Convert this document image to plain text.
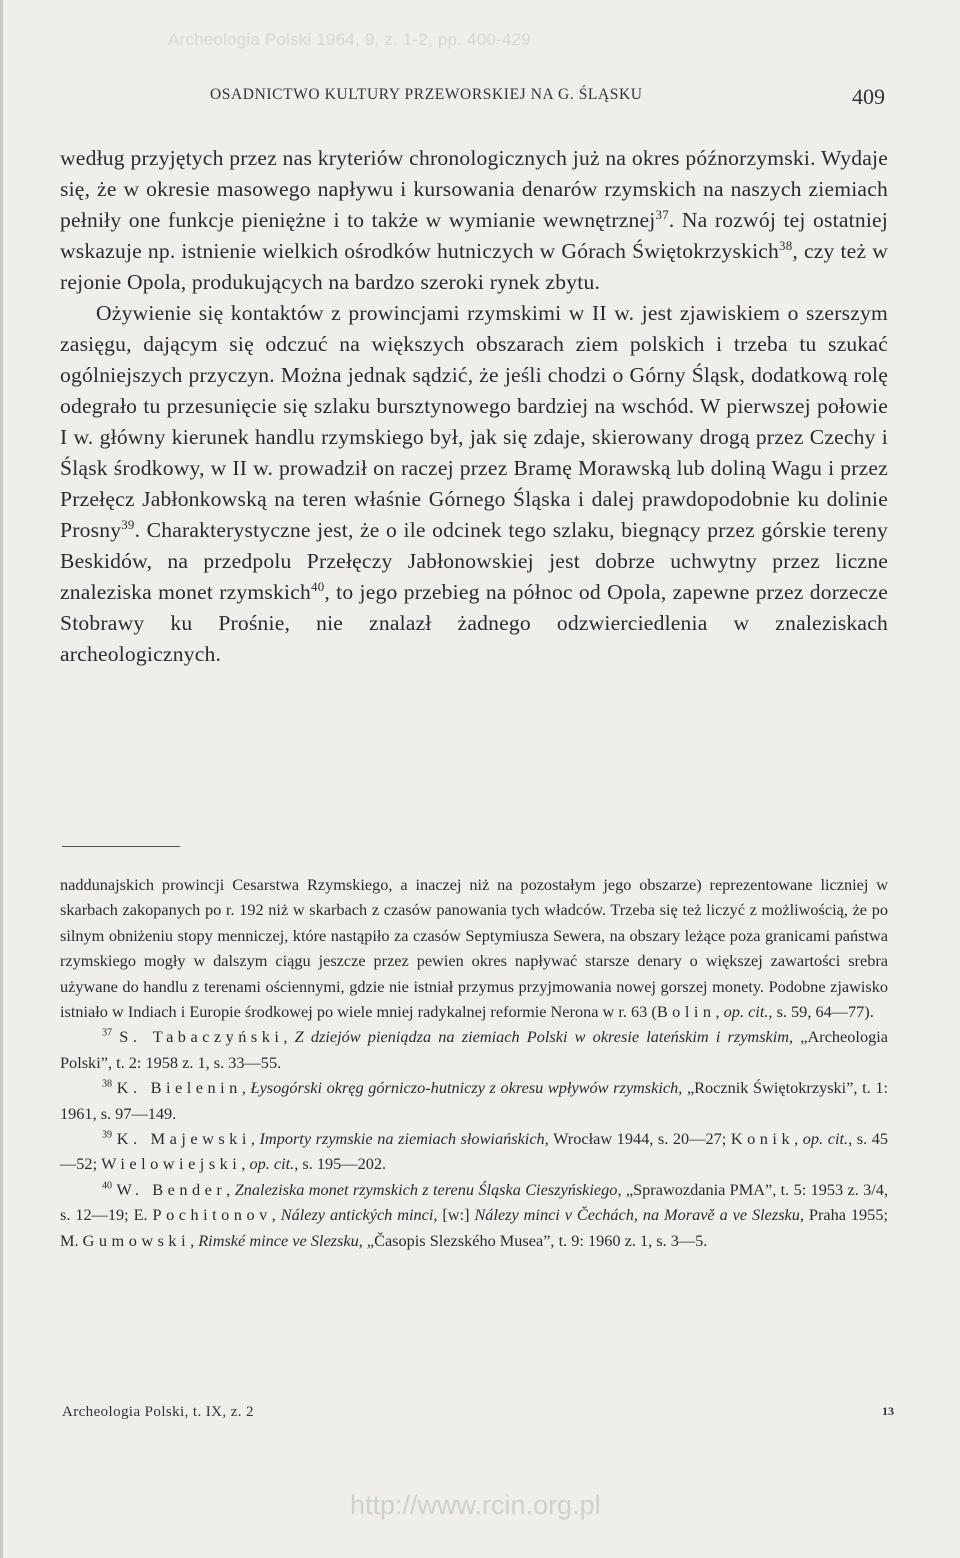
Archeologia Polski 1964, 9, z. 1-2, pp. 400-429
OSADNICTWO KULTURY PRZEWORSKIEJ NA G. ŚLĄSKU	409

według przyjętych przez nas kryteriów chronologicznych już na okres późnorzymski. Wydaje się, że w okresie masowego napływu i kursowania denarów rzymskich na naszych ziemiach pełniły one funkcje pieniężne i to także w wymianie wewnętrznej$^{37}$. Na rozwój tej ostatniej wskazuje np. istnienie wielkich ośrodków hutniczych w Górach Świętokrzyskich$^{38}$, czy też w rejonie Opola, produkujących na bardzo szeroki rynek zbytu.

Ożywienie się kontaktów z prowincjami rzymskimi w II w. jest zjawiskiem o szerszym zasięgu, dającym się odczuć na większych obszarach ziem polskich i trzeba tu szukać ogólniejszych przyczyn. Można jednak sądzić, że jeśli chodzi o Górny Śląsk, dodatkową rolę odegrało tu przesunięcie się szlaku bursztynowego bardziej na wschód. W pierwszej połowie I w. główny kierunek handlu rzymskiego był, jak się zdaje, skierowany drogą przez Czechy i Śląsk środkowy, w II w. prowadził on raczej przez Bramę Morawską lub doliną Wagu i przez Przełęcz Jabłonkowską na teren właśnie Górnego Śląska i dalej prawdopodobnie ku dolinie Prosny$^{39}$. Charakterystyczne jest, że o ile odcinek tego szlaku, biegnący przez górskie tereny Beskidów, na przedpolu Przełęczy Jabłonowskiej jest dobrze uchwytny przez liczne znaleziska monet rzymskich$^{40}$, to jego przebieg na północ od Opola, zapewne przez dorzecze Stobrawy ku Prośnie, nie znalazł żadnego odzwierciedlenia w znaleziskach archeologicznych.

naddunajskich prowincji Cesarstwa Rzymskiego, a inaczej niż na pozostałym jego obszarze) reprezentowane liczniej w skarbach zakopanych po r. 192 niż w skarbach z czasów panowania tych władców. Trzeba się też liczyć z możliwością, że po silnym obniżeniu stopy menniczej, które nastąpiło za czasów Septymiusza Sewera, na obszary leżące poza granicami państwa rzymskiego mogły w dalszym ciągu jeszcze przez pewien okres napływać starsze denary o większej zawartości srebra używane do handlu z terenami ościennymi, gdzie nie istniał przymus przyjmowania nowej gorszej monety. Podobne zjawisko istniało w Indiach i Europie środkowej po wiele mniej radykalnej reformie Nerona w r. 63 (Bolin, op. cit., s. 59, 64—77).

$^{37}$ S. Tabaczyński, Z dziejów pieniądza na ziemiach Polski w okresie lateńskim i rzymskim, „Archeologia Polski”, t. 2: 1958 z. 1, s. 33—55.

$^{38}$ K. Bielenin, Łysogórski okręg górniczo-hutniczy z okresu wpływów rzymskich, „Rocznik Świętokrzyski”, t. 1: 1961, s. 97—149.

$^{39}$ K. Majewski, Importy rzymskie na ziemiach słowiańskich, Wrocław 1944, s. 20—27; Konik, op. cit., s. 45—52; Wielowiejski, op. cit., s. 195—202.

$^{40}$ W. Bender, Znaleziska monet rzymskich z terenu Śląska Cieszyńskiego, „Sprawozdania PMA”, t. 5: 1953 z. 3/4, s. 12—19; E. Pochitonov, Nálezy antických minci, [w:] Nálezy minci v Čechách, na Moravě a ve Slezsku, Praha 1955; M. Gumowski, Rimské mince ve Slezsku, „Časopis Slezského Musea”, t. 9: 1960 z. 1, s. 3—5.

Archeologia Polski, t. IX, z. 2	13
http://www.rcin.org.pl
